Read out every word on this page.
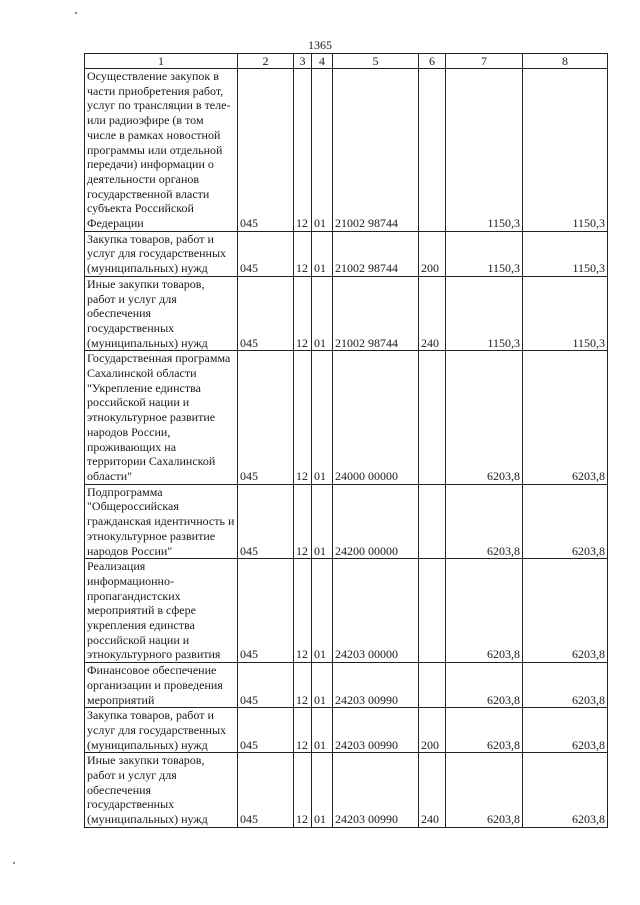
1365
1	2	3	4	5	6	7	8
Осуществление закупок в части приобретения работ, услуг по трансляции в теле- или радиоэфире (в том числе в рамках новостной программы или отдельной передачи) информации о деятельности органов государственной власти субъекта Российской Федерации	045	12	01	21002 98744		1150,3	1150,3
Закупка товаров, работ и услуг для государственных (муниципальных) нужд	045	12	01	21002 98744	200	1150,3	1150,3
Иные закупки товаров, работ и услуг для обеспечения государственных (муниципальных) нужд	045	12	01	21002 98744	240	1150,3	1150,3
Государственная программа Сахалинской области "Укрепление единства российской нации и этнокультурное развитие народов России, проживающих на территории Сахалинской области"	045	12	01	24000 00000		6203,8	6203,8
Подпрограмма "Общероссийская гражданская идентичность и этнокультурное развитие народов России"	045	12	01	24200 00000		6203,8	6203,8
Реализация информационно-пропагандистских мероприятий в сфере укрепления единства российской нации и этнокультурного развития	045	12	01	24203 00000		6203,8	6203,8
Финансовое обеспечение организации и проведения мероприятий	045	12	01	24203 00990		6203,8	6203,8
Закупка товаров, работ и услуг для государственных (муниципальных) нужд	045	12	01	24203 00990	200	6203,8	6203,8
Иные закупки товаров, работ и услуг для обеспечения государственных (муниципальных) нужд	045	12	01	24203 00990	240	6203,8	6203,8
